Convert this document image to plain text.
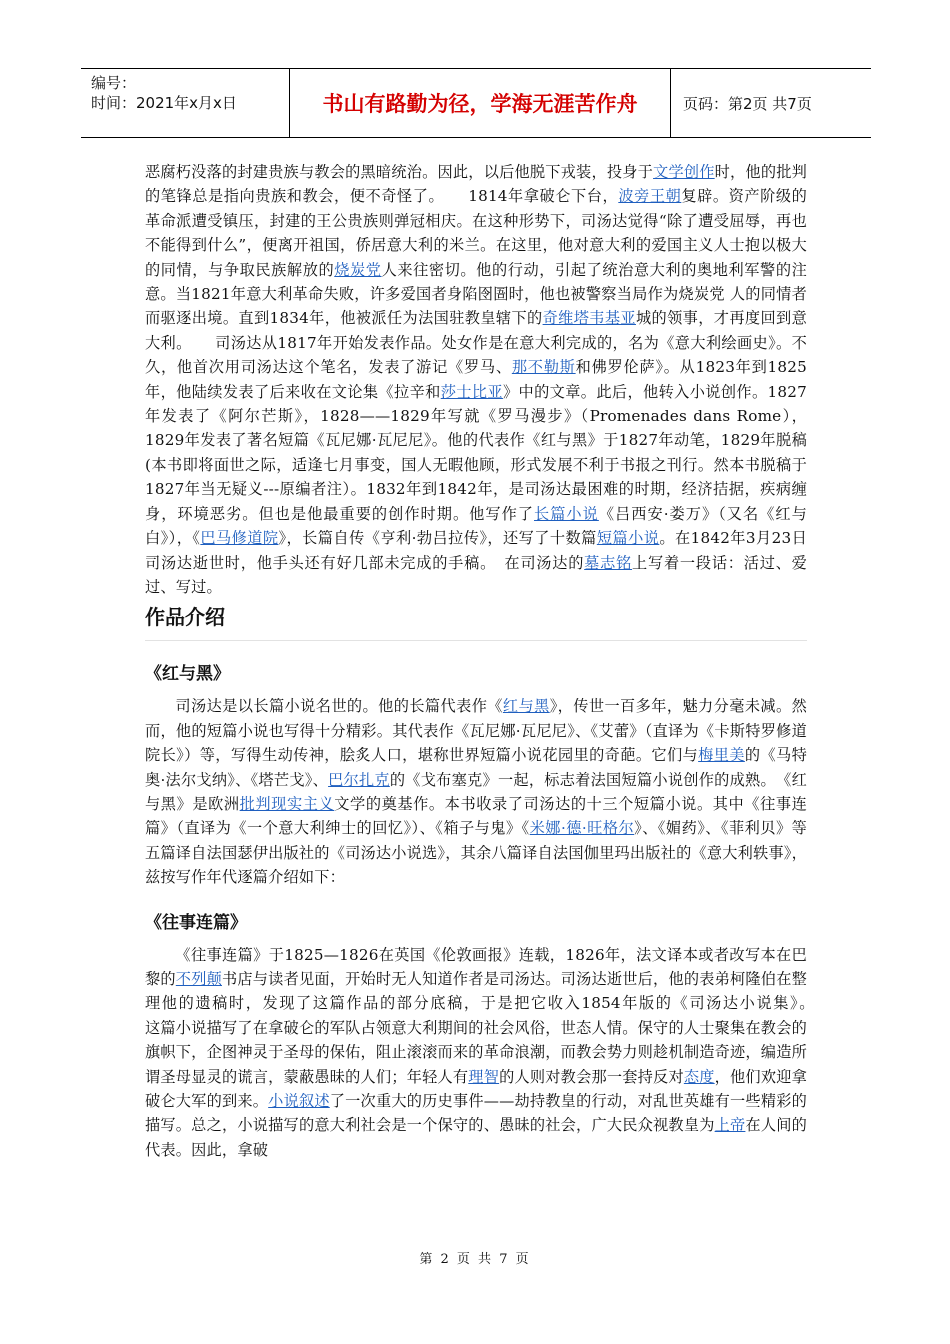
编号：
时间：2021年x月x日	书山有路勤为径，学海无涯苦作舟	页码：第2页 共7页

恶腐朽没落的封建贵族与教会的黑暗统治。因此，以后他脱下戎装，投身于文学创作时，他的批判的笔锋总是指向贵族和教会，便不奇怪了。　　1814年拿破仑下台，波旁王朝复辟。资产阶级的革命派遭受镇压，封建的王公贵族则弹冠相庆。在这种形势下，司汤达觉得“除了遭受屈辱，再也不能得到什么”，便离开祖国，侨居意大利的米兰。在这里，他对意大利的爱国主义人士抱以极大的同情，与争取民族解放的烧炭党人来往密切。他的行动，引起了统治意大利的奥地利军警的注意。当1821年意大利革命失败，许多爱国者身陷囹圄时，他也被警察当局作为烧炭党 人的同情者而驱逐出境。直到1834年，他被派任为法国驻教皇辖下的奇维塔韦基亚城的领事，才再度回到意大利。　　司汤达从1817年开始发表作品。处女作是在意大利完成的，名为《意大利绘画史》。不久，他首次用司汤达这个笔名，发表了游记《罗马、那不勒斯和佛罗伦萨》。从1823年到1825年，他陆续发表了后来收在文论集《拉辛和莎士比亚》中的文章。此后，他转入小说创作。1827年发表了《阿尔芒斯》，1828——1829年写就《罗马漫步》（Promenades dans Rome），1829年发表了著名短篇《瓦尼娜·瓦尼尼》。他的代表作《红与黑》于1827年动笔，1829年脱稿(本书即将面世之际，适逢七月事变，国人无暇他顾，形式发展不利于书报之刊行。然本书脱稿于1827年当无疑义---原编者注）。1832年到1842年，是司汤达最困难的时期，经济拮据，疾病缠身，环境恶劣。但也是他最重要的创作时期。他写作了长篇小说《吕西安·娄万》（又名《红与白》），《巴马修道院》，长篇自传《亨利·勃吕拉传》，还写了十数篇短篇小说。在1842年3月23日司汤达逝世时，他手头还有好几部未完成的手稿。　在司汤达的墓志铭上写着一段话：活过、爱过、写过。

作品介绍
《红与黑》

司汤达是以长篇小说名世的。他的长篇代表作《红与黑》，传世一百多年，魅力分毫未减。然而，他的短篇小说也写得十分精彩。其代表作《瓦尼娜·瓦尼尼》、《艾蕾》（直译为《卡斯特罗修道院长》）等，写得生动传神，脍炙人口，堪称世界短篇小说花园里的奇葩。它们与梅里美的《马特奥·法尔戈纳》、《塔芒戈》、巴尔扎克的《戈布塞克》一起，标志着法国短篇小说创作的成熟。　《红与黑》是欧洲批判现实主义文学的奠基作。本书收录了司汤达的十三个短篇小说。其中《往事连篇》（直译为《一个意大利绅士的回忆》）、《箱子与鬼》《米娜·德·旺格尔》、《媚药》、《菲利贝》等五篇译自法国瑟伊出版社的《司汤达小说选》，其余八篇译自法国伽里玛出版社的《意大利轶事》，兹按写作年代逐篇介绍如下：

《往事连篇》

《往事连篇》于1825—1826在英国《伦敦画报》连载，1826年，法文译本或者改写本在巴黎的不列颠书店与读者见面，开始时无人知道作者是司汤达。司汤达逝世后，他的表弟柯隆伯在整理他的遗稿时，发现了这篇作品的部分底稿，于是把它收入1854年版的《司汤达小说集》。　　　这篇小说描写了在拿破仑的军队占领意大利期间的社会风俗，世态人情。保守的人士聚集在教会的旗帜下，企图神灵于圣母的保佑，阻止滚滚而来的革命浪潮，而教会势力则趁机制造奇迹，编造所谓圣母显灵的谎言，蒙蔽愚昧的人们；年轻人有理智的人则对教会那一套持反对态度，他们欢迎拿破仑大军的到来。小说叙述了一次重大的历史事件——劫持教皇的行动，对乱世英雄有一些精彩的描写。总之，小说描写的意大利社会是一个保守的、愚昧的社会，广大民众视教皇为上帝在人间的代表。因此，拿破

第 2 页 共 7 页
